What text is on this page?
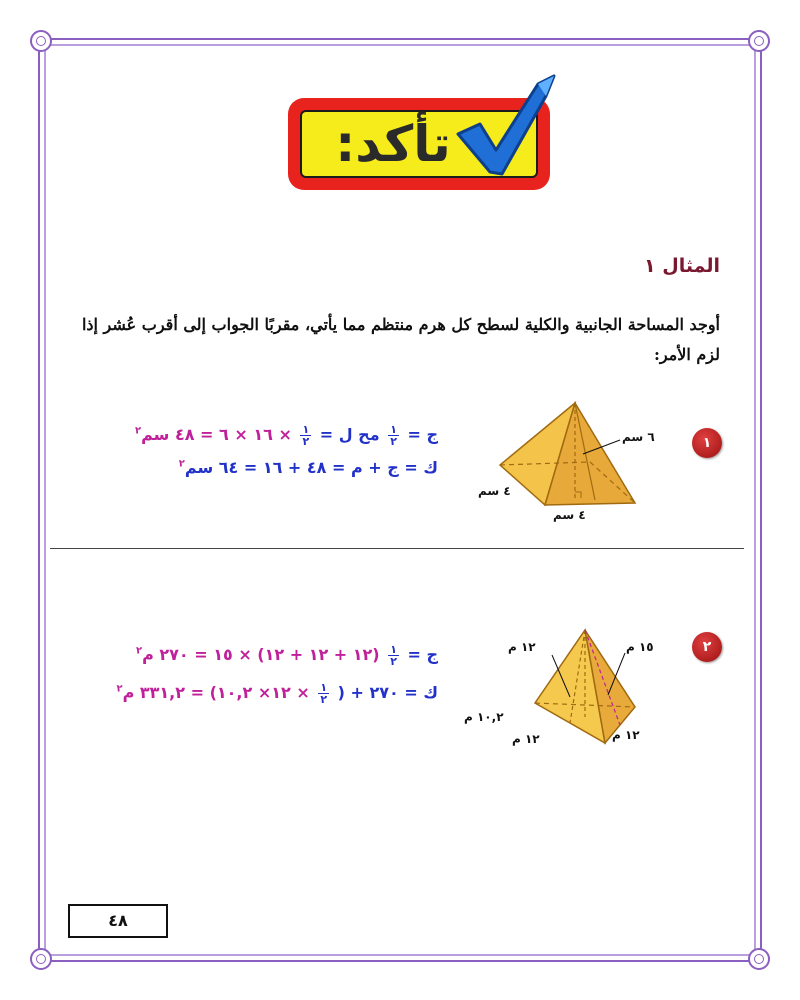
تأكد:
المثال ١
أوجد المساحة الجانبية والكلية لسطح كل هرم منتظم مما يأتي، مقربًا الجواب إلى أقرب عُشر إذا لزم الأمر:
١
٦ سم
٤ سم
٤ سم
ج =
$\frac{١}{٢}$
مح ل =
$\frac{١}{٢}$
× ١٦ × ٦ = ٤٨ سم$^٢$
ك = ج + م = ٤٨ + ١٦ = ٦٤ سم$^٢$
٢
١٢ م	١٥ م
١٠,٢ م
١٢ م	١٢ م
ج =
$\frac{١}{٢}$
(١٢ + ١٢ + ١٢) × ١٥ = ٢٧٠ م$^٢$
ك = ٢٧٠ + (
$\frac{١}{٢}$
× ١٢× ١٠,٢) = ٣٣١,٢ م$^٢$
٤٨
